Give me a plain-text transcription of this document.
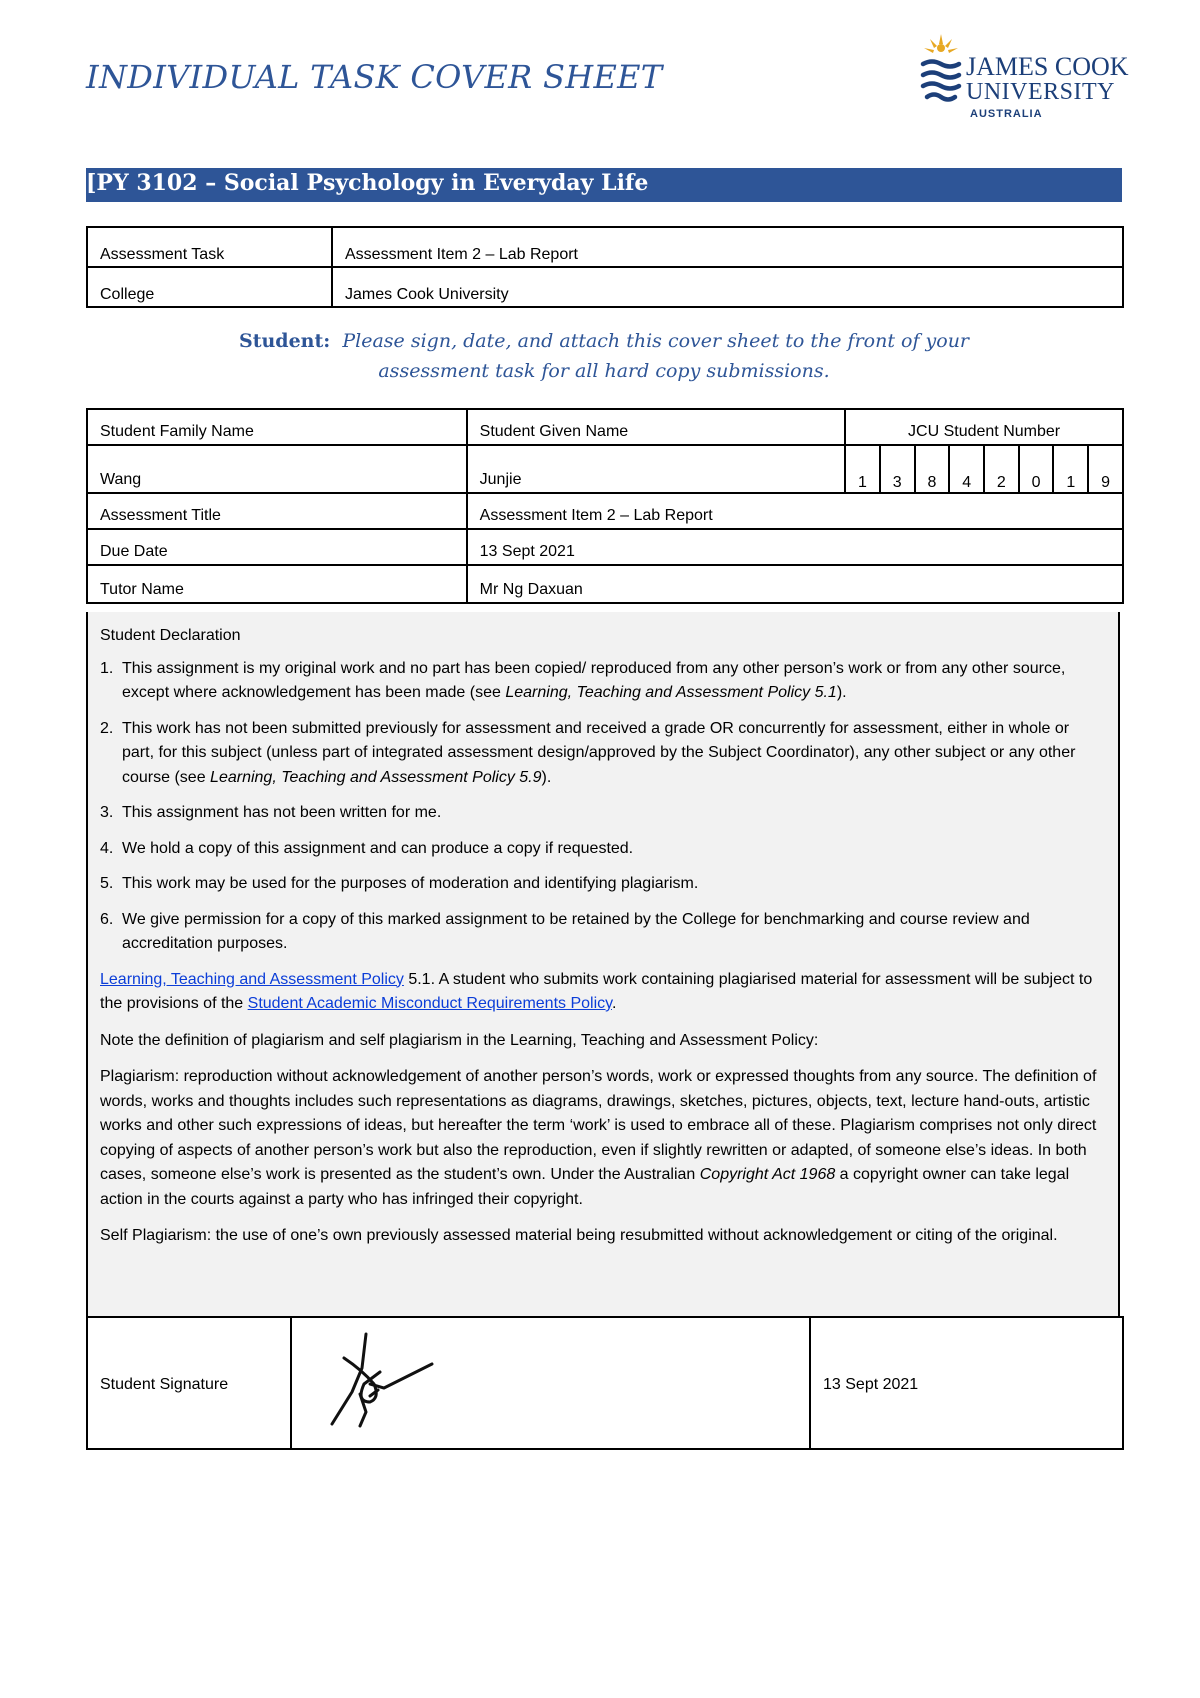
INDIVIDUAL TASK COVER SHEET	JAMES COOK
UNIVERSITY
AUSTRALIA
[PY 3102 – Social Psychology in Everyday Life
Assessment Task	Assessment Item 2 – Lab Report
College	James Cook University
Student: Please sign, date, and attach this cover sheet to the front of your
assessment task for all hard copy submissions.
Student Family Name	Student Given Name	JCU Student Number							
Wang	Junjie	1	3	8	4	2	0	1	9
Assessment Title	Assessment Item 2 – Lab Report								
Due Date	13 Sept 2021								
Tutor Name	Mr Ng Daxuan								
Student Declaration
1. This assignment is my original work and no part has been copied/ reproduced from any other person’s work or from any other source, except where acknowledgement has been made (see Learning, Teaching and Assessment Policy 5.1).
2. This work has not been submitted previously for assessment and received a grade OR concurrently for assessment, either in whole or part, for this subject (unless part of integrated assessment design/approved by the Subject Coordinator), any other subject or any other course (see Learning, Teaching and Assessment Policy 5.9).
3. This assignment has not been written for me.
4. We hold a copy of this assignment and can produce a copy if requested.
5. This work may be used for the purposes of moderation and identifying plagiarism.
6. We give permission for a copy of this marked assignment to be retained by the College for benchmarking and course review and accreditation purposes.

Learning, Teaching and Assessment Policy 5.1. A student who submits work containing plagiarised material for assessment will be subject to the provisions of the Student Academic Misconduct Requirements Policy.

Note the definition of plagiarism and self plagiarism in the Learning, Teaching and Assessment Policy:

Plagiarism: reproduction without acknowledgement of another person’s words, work or expressed thoughts from any source. The definition of words, works and thoughts includes such representations as diagrams, drawings, sketches, pictures, objects, text, lecture hand-outs, artistic works and other such expressions of ideas, but hereafter the term ‘work’ is used to embrace all of these. Plagiarism comprises not only direct copying of aspects of another person’s work but also the reproduction, even if slightly rewritten or adapted, of someone else’s ideas. In both cases, someone else’s work is presented as the student’s own. Under the Australian Copyright Act 1968 a copyright owner can take legal action in the courts against a party who has infringed their copyright.

Self Plagiarism: the use of one’s own previously assessed material being resubmitted without acknowledgement or citing of the original.

Student Signature		13 Sept 2021
